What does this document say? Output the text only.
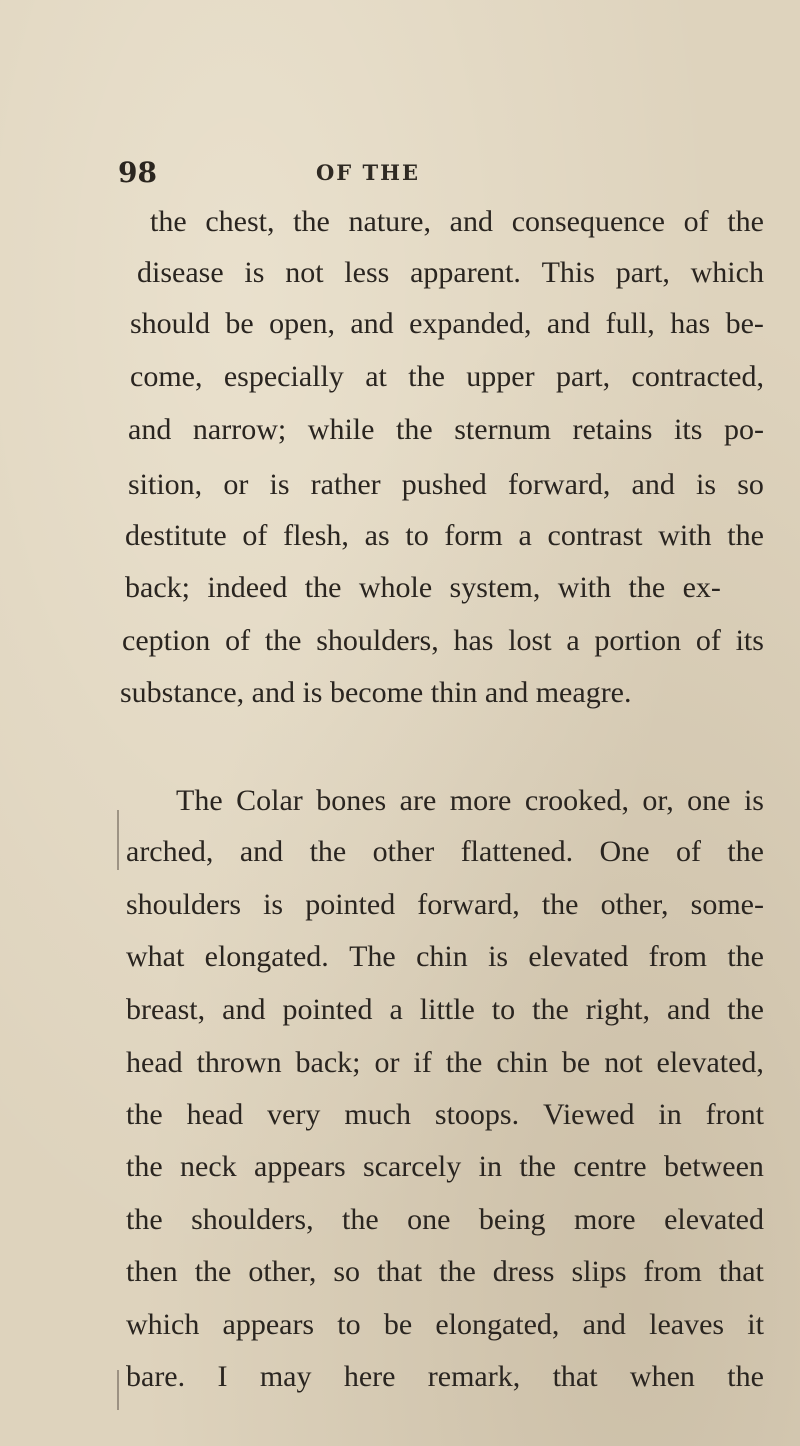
98	OF THE
the chest, the nature, and consequence of the
disease is not less apparent. This part, which
should be open, and expanded, and full, has be-
come, especially at the upper part, contracted,
and narrow; while the sternum retains its po-
sition, or is rather pushed forward, and is so
destitute of flesh, as to form a contrast with the
back; indeed the whole system, with the ex-
ception of the shoulders, has lost a portion of its
substance, and is become thin and meagre.
The Colar bones are more crooked, or, one is
arched, and the other flattened. One of the
shoulders is pointed forward, the other, some-
what elongated. The chin is elevated from the
breast, and pointed a little to the right, and the
head thrown back; or if the chin be not elevated,
the head very much stoops. Viewed in front
the neck appears scarcely in the centre between
the shoulders, the one being more elevated
then the other, so that the dress slips from that
which appears to be elongated, and leaves it
bare. I may here remark, that when the
